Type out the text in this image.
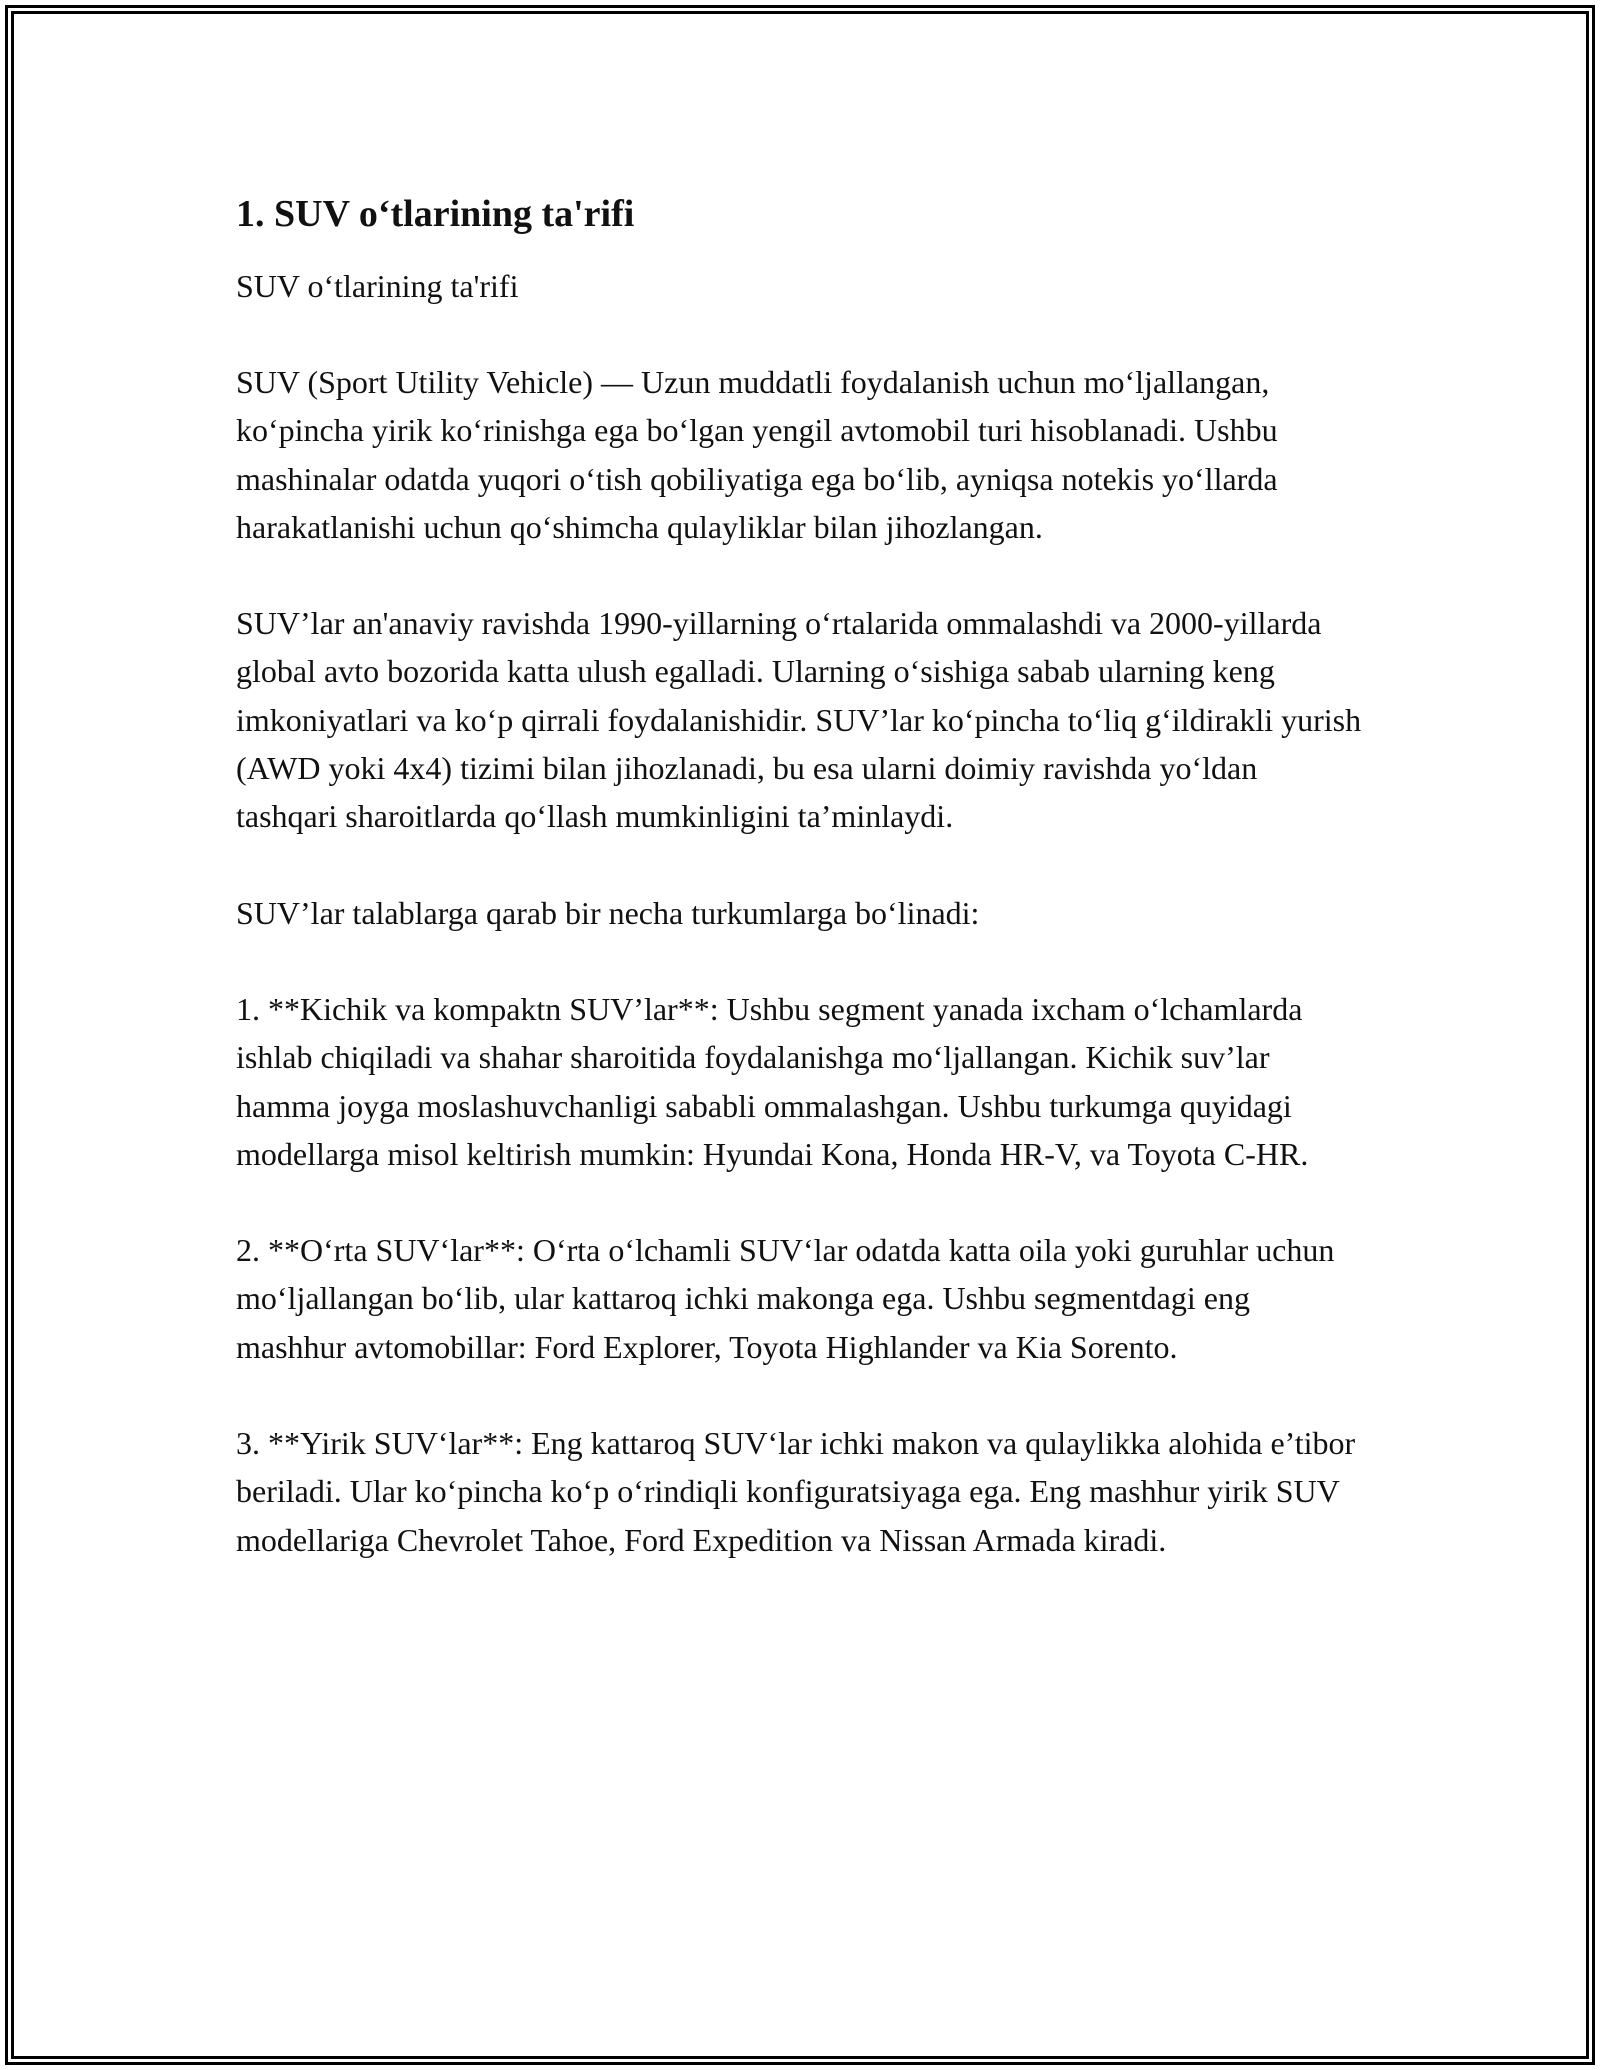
1. SUV o‘tlarining ta'rifi

SUV o‘tlarining ta'rifi

SUV (Sport Utility Vehicle) — Uzun muddatli foydalanish uchun mo‘ljallangan, ko‘pincha yirik ko‘rinishga ega bo‘lgan yengil avtomobil turi hisoblanadi. Ushbu mashinalar odatda yuqori o‘tish qobiliyatiga ega bo‘lib, ayniqsa notekis yo‘llarda harakatlanishi uchun qo‘shimcha qulayliklar bilan jihozlangan.

SUV’lar an'anaviy ravishda 1990-yillarning o‘rtalarida ommalashdi va 2000-yillarda global avto bozorida katta ulush egalladi. Ularning o‘sishiga sabab ularning keng imkoniyatlari va ko‘p qirrali foydalanishidir. SUV’lar ko‘pincha to‘liq g‘ildirakli yurish (AWD yoki 4x4) tizimi bilan jihozlanadi, bu esa ularni doimiy ravishda yo‘ldan tashqari sharoitlarda qo‘llash mumkinligini ta’minlaydi.

SUV’lar talablarga qarab bir necha turkumlarga bo‘linadi:

1. **Kichik va kompaktn SUV’lar**: Ushbu segment yanada ixcham o‘lchamlarda ishlab chiqiladi va shahar sharoitida foydalanishga mo‘ljallangan. Kichik suv’lar hamma joyga moslashuvchanligi sababli ommalashgan. Ushbu turkumga quyidagi modellarga misol keltirish mumkin: Hyundai Kona, Honda HR-V, va Toyota C-HR.

2. **O‘rta SUV‘lar**: O‘rta o‘lchamli SUV‘lar odatda katta oila yoki guruhlar uchun mo‘ljallangan bo‘lib, ular kattaroq ichki makonga ega. Ushbu segmentdagi eng mashhur avtomobillar: Ford Explorer, Toyota Highlander va Kia Sorento.

3. **Yirik SUV‘lar**: Eng kattaroq SUV‘lar ichki makon va qulaylikka alohida e’tibor beriladi. Ular ko‘pincha ko‘p o‘rindiqli konfiguratsiyaga ega. Eng mashhur yirik SUV modellariga Chevrolet Tahoe, Ford Expedition va Nissan Armada kiradi.
